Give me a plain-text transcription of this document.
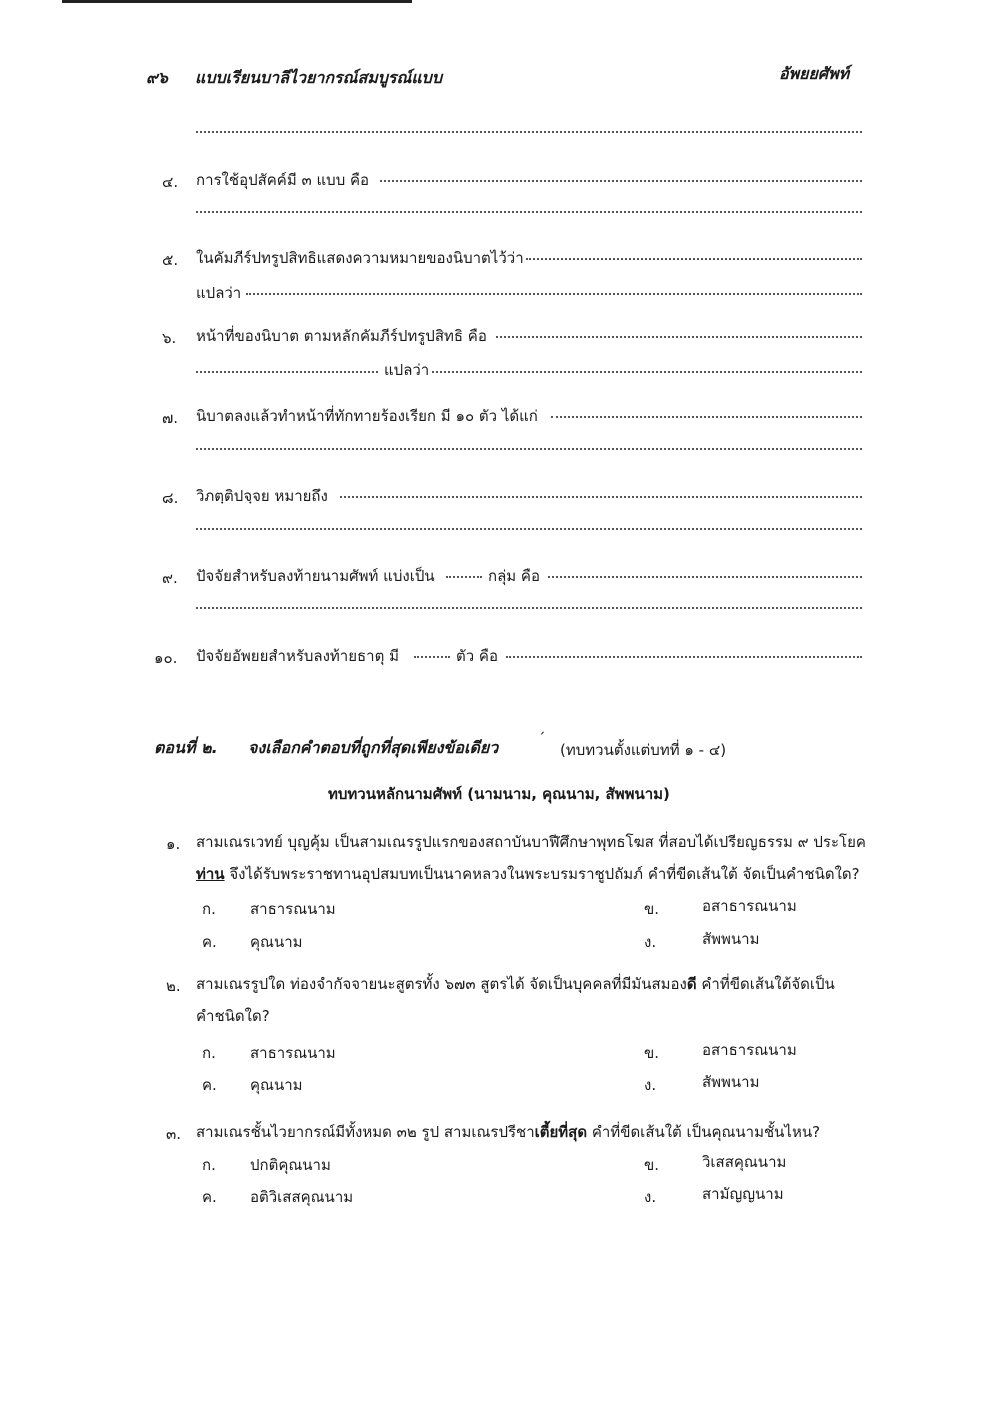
๙๖ แบบเรียนบาลีไวยากรณ์สมบูรณ์แบบ	อัพยยศัพท์
๔. การใช้อุปสัคค์มี ๓ แบบ คือ
๕. ในคัมภีร์ปทรูปสิทธิแสดงความหมายของนิบาตไว้ว่า
แปลว่า
๖. หน้าที่ของนิบาต ตามหลักคัมภีร์ปทรูปสิทธิ คือ
แปลว่า
๗. นิบาตลงแล้วทำหน้าที่ทักทายร้องเรียก มี ๑๐ ตัว ได้แก่
๘. วิภตฺติปจฺจย หมายถึง
๙. ปัจจัยสำหรับลงท้ายนามศัพท์ แบ่งเป็น	กลุ่ม คือ
๑๐. ปัจจัยอัพยยสำหรับลงท้ายธาตุ มี	ตัว คือ
ตอนที่ ๒. จงเลือกคำตอบที่ถูกที่สุดเพียงข้อเดียว	ˊ
(ทบทวนตั้งแต่บทที่ ๑ - ๔)
ทบทวนหลักนามศัพท์ (นามนาม, คุณนาม, สัพพนาม)
๑. สามเณรเวทย์ บุญคุ้ม เป็นสามเณรรูปแรกของสถาบันบาฬีศึกษาพุทธโฆส ที่สอบได้เปรียญธรรม ๙ ประโยค
ท่าน จึงได้รับพระราชทานอุปสมบทเป็นนาคหลวงในพระบรมราชูปถัมภ์ คำที่ขีดเส้นใต้ จัดเป็นคำชนิดใด?
ก. สาธารณนาม	ข.	อสาธารณนาม
ค. คุณนาม	ง.	สัพพนาม
๒. สามเณรรูปใด ท่องจำกัจจายนะสูตรทั้ง ๖๗๓ สูตรได้ จัดเป็นบุคคลที่มีมันสมองดี คำที่ขีดเส้นใต้จัดเป็น
คำชนิดใด?
ก. สาธารณนาม	ข.	อสาธารณนาม
ค. คุณนาม	ง.	สัพพนาม
๓. สามเณรชั้นไวยากรณ์มีทั้งหมด ๓๒ รูป สามเณรปรีชาเตี้ยที่สุด คำที่ขีดเส้นใต้ เป็นคุณนามชั้นไหน?
ก. ปกติคุณนาม	ข.	วิเสสคุณนาม
ค. อติวิเสสคุณนาม	ง.	สามัญญนาม
